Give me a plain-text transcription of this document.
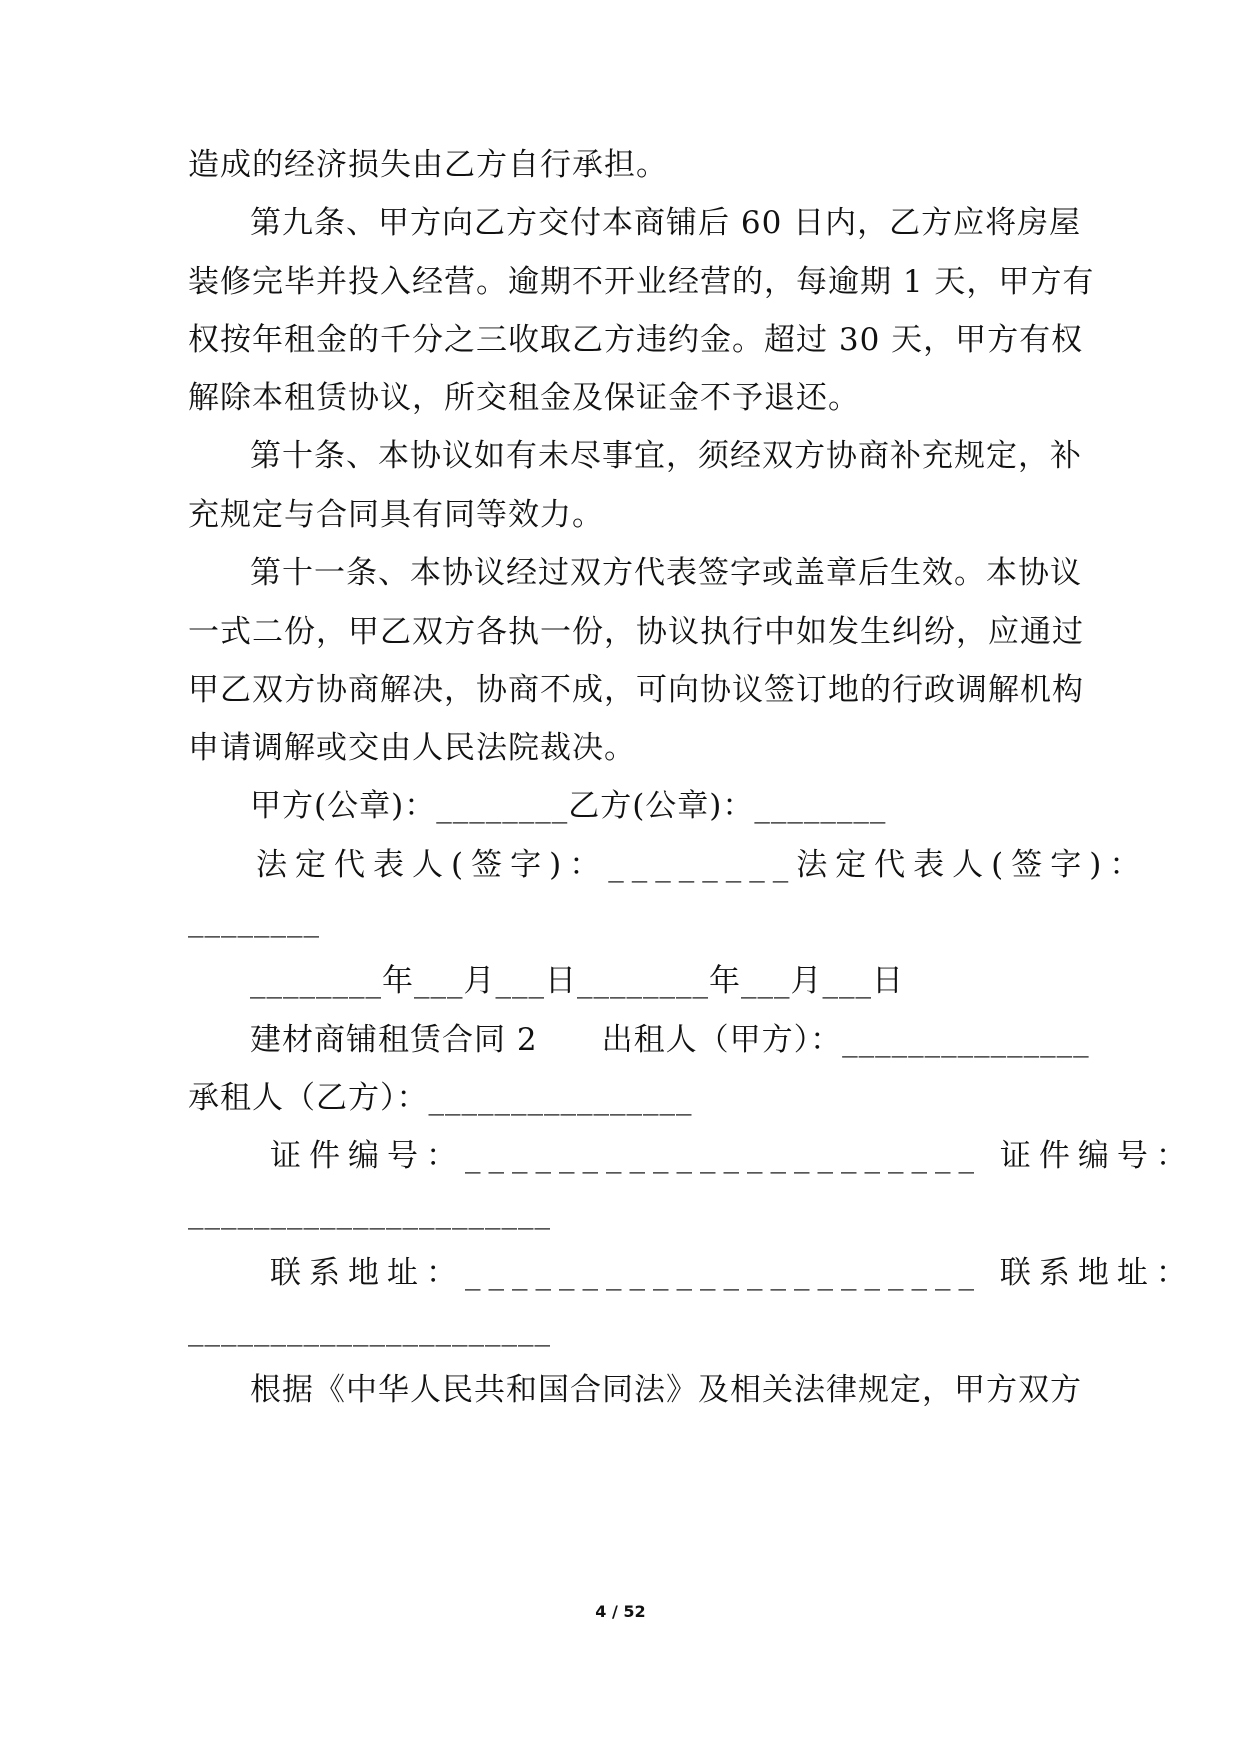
造成的经济损失由乙方自行承担。
第九条、甲方向乙方交付本商铺后 60 日内，乙方应将房屋
装修完毕并投入经营。逾期不开业经营的，每逾期 1 天，甲方有
权按年租金的千分之三收取乙方违约金。超过 30 天，甲方有权
解除本租赁协议，所交租金及保证金不予退还。
第十条、本协议如有未尽事宜，须经双方协商补充规定，补
充规定与合同具有同等效力。
第十一条、本协议经过双方代表签字或盖章后生效。本协议
一式二份，甲乙双方各执一份，协议执行中如发生纠纷，应通过
甲乙双方协商解决，协商不成，可向协议签订地的行政调解机构
申请调解或交由人民法院裁决。
甲方(公章)：________乙方(公章)：________
法定代表人(签字)：________法定代表人(签字)：
________
________年___月___日________年___月___日
建材商铺租赁合同 2　　出租人（甲方）：_______________
承租人（乙方）：________________
证件编号：______________________ 证件编号：
______________________
联系地址：______________________ 联系地址：
______________________
根据《中华人民共和国合同法》及相关法律规定，甲方双方
4 / 52
